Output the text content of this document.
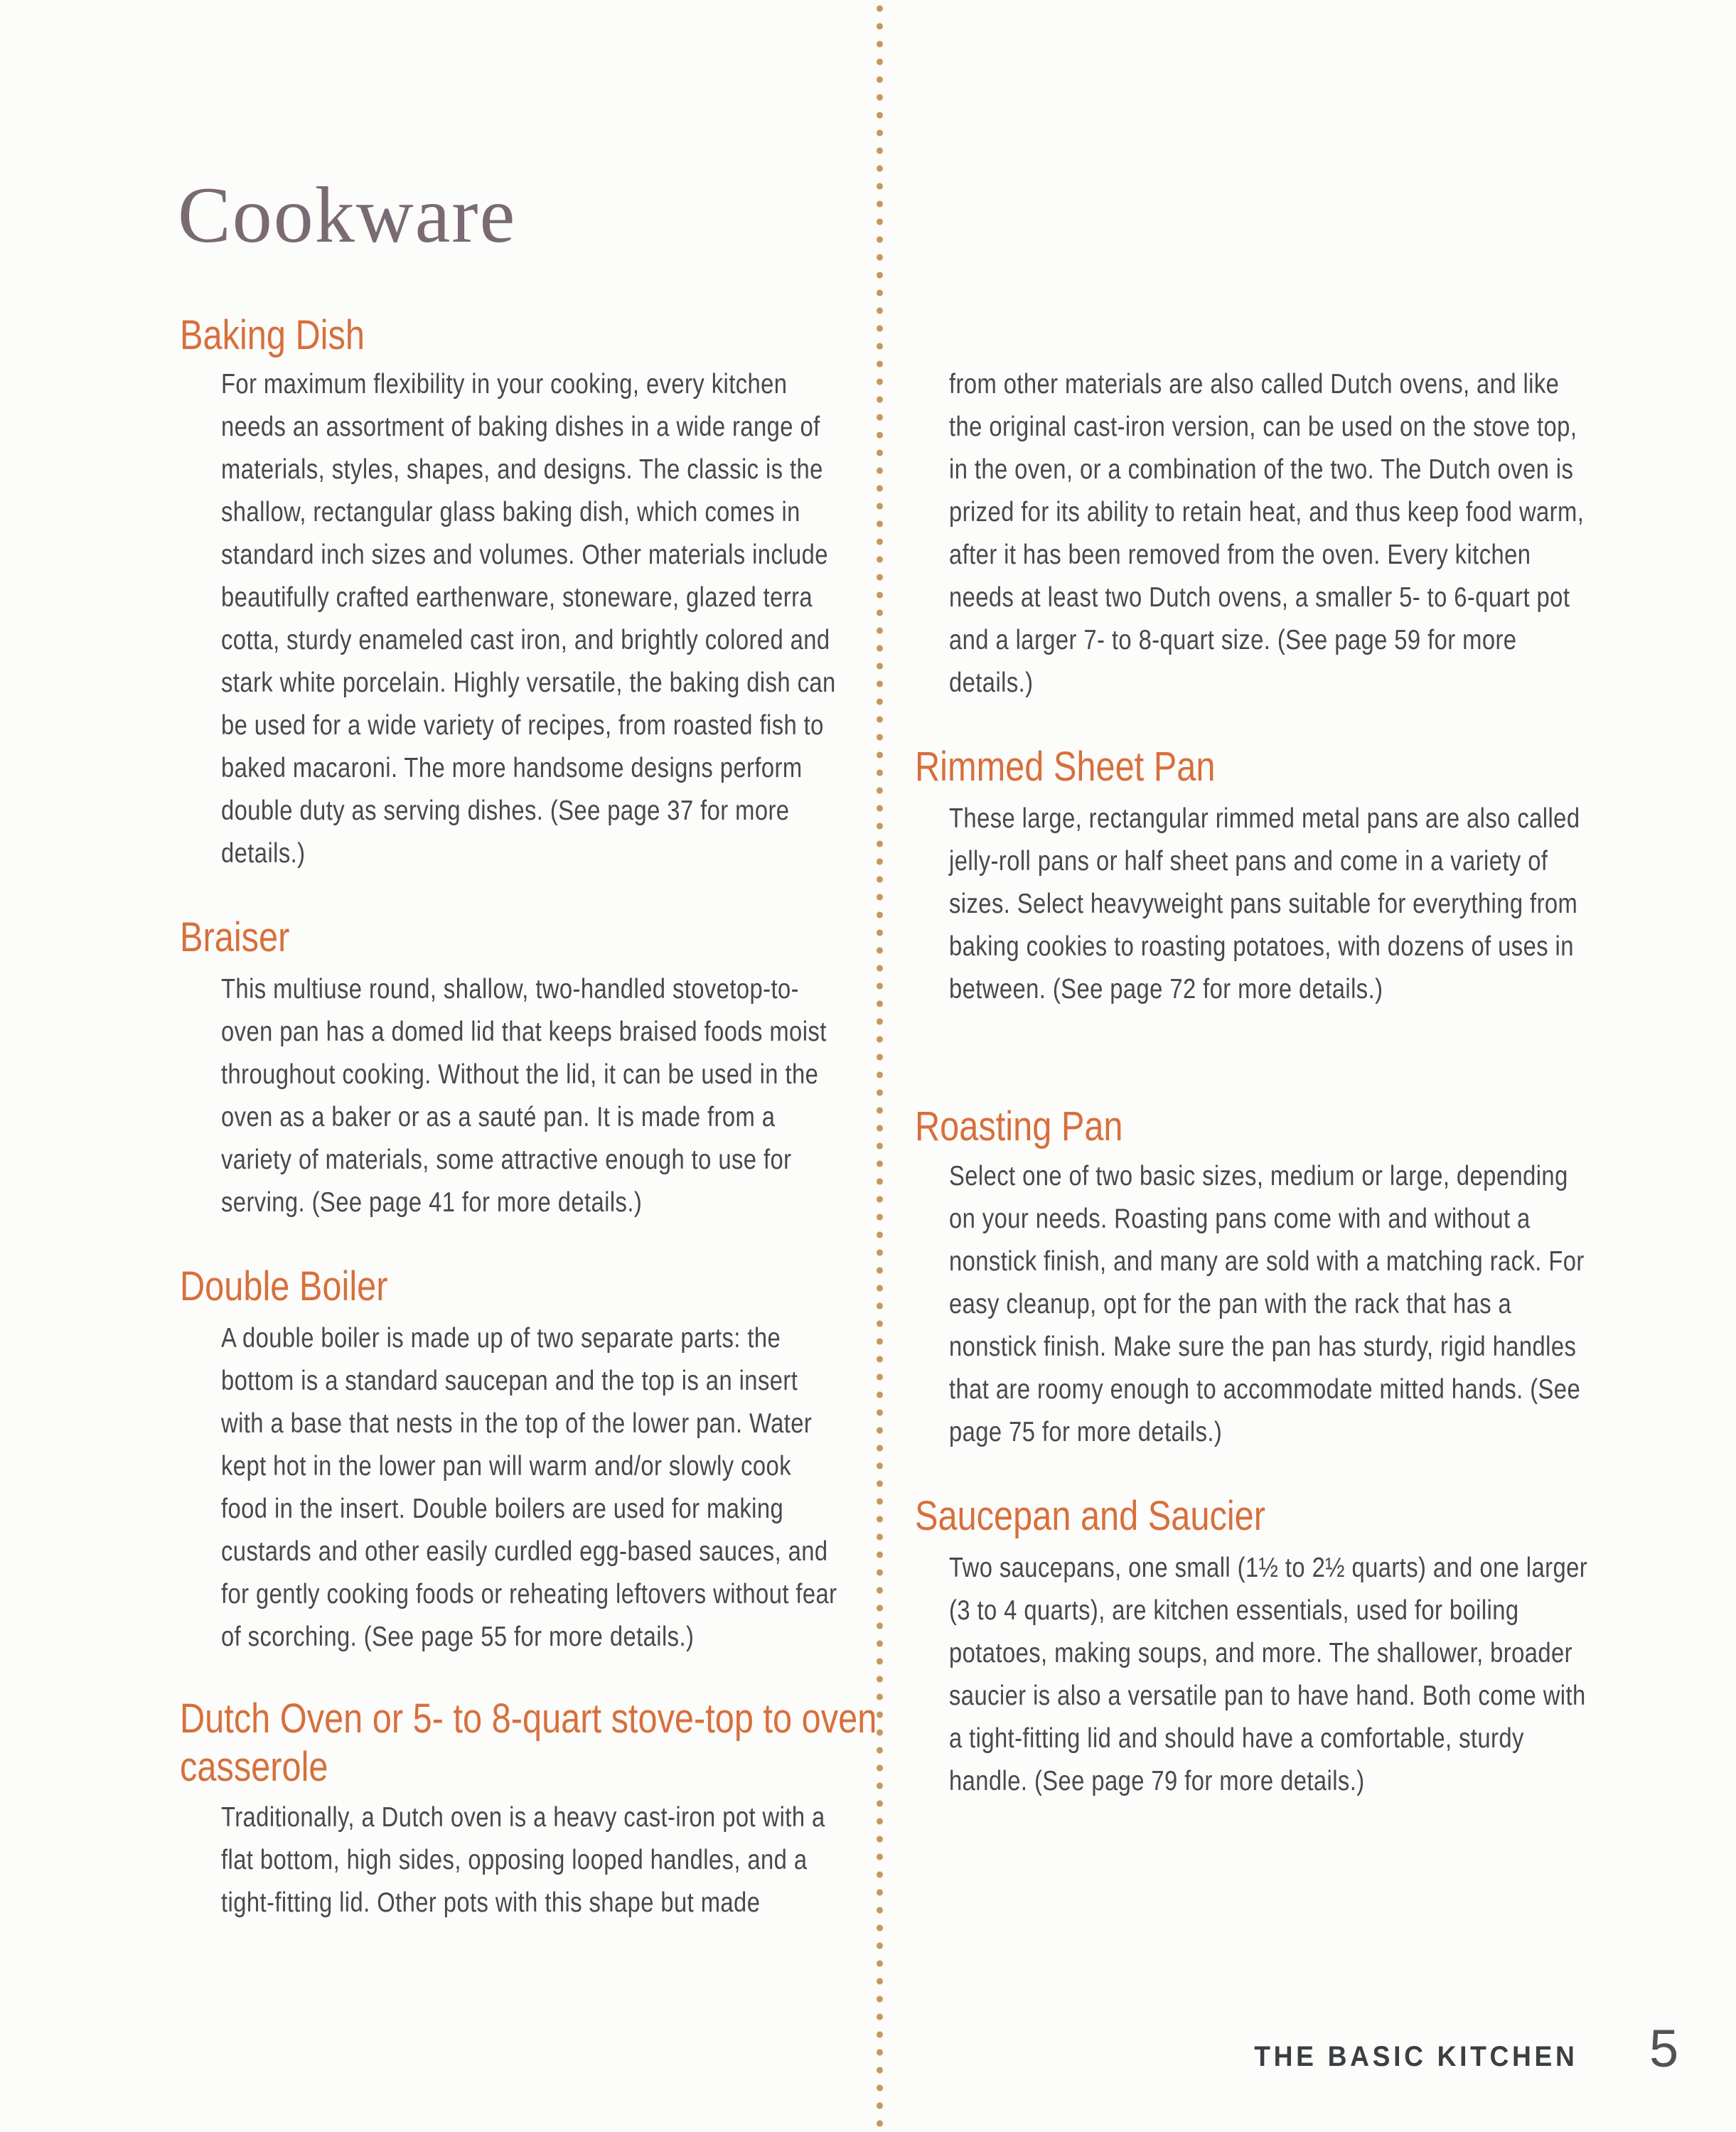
Cookware
Baking Dish

For maximum flexibility in your cooking, every kitchen needs an assortment of baking dishes in a wide range of materials, styles, shapes, and designs. The classic is the shallow, rectangular glass baking dish, which comes in standard inch sizes and volumes. Other materials include beautifully crafted earthenware, stoneware, glazed terra cotta, sturdy enameled cast iron, and brightly colored and stark white porcelain. Highly versatile, the baking dish can be used for a wide variety of recipes, from roasted fish to baked macaroni. The more handsome designs perform double duty as serving dishes. (See page 37 for more details.)

Braiser

This multiuse round, shallow, two-handled stovetop-to-oven pan has a domed lid that keeps braised foods moist throughout cooking. Without the lid, it can be used in the oven as a baker or as a sauté pan. It is made from a variety of materials, some attractive enough to use for serving. (See page 41 for more details.)

Double Boiler

A double boiler is made up of two separate parts: the bottom is a standard saucepan and the top is an insert with a base that nests in the top of the lower pan. Water kept hot in the lower pan will warm and/or slowly cook food in the insert. Double boilers are used for making custards and other easily curdled egg-based sauces, and for gently cooking foods or reheating leftovers without fear of scorching. (See page 55 for more details.)

Dutch Oven or 5- to 8-quart stove-top to oven casserole

Traditionally, a Dutch oven is a heavy cast-iron pot with a flat bottom, high sides, opposing looped handles, and a tight-fitting lid. Other pots with this shape but made

from other materials are also called Dutch ovens, and like the original cast-iron version, can be used on the stove top, in the oven, or a combination of the two. The Dutch oven is prized for its ability to retain heat, and thus keep food warm, after it has been removed from the oven. Every kitchen needs at least two Dutch ovens, a smaller 5- to 6-quart pot and a larger 7- to 8-quart size. (See page 59 for more details.)

Rimmed Sheet Pan

These large, rectangular rimmed metal pans are also called jelly-roll pans or half sheet pans and come in a variety of sizes. Select heavyweight pans suitable for everything from baking cookies to roasting potatoes, with dozens of uses in between. (See page 72 for more details.)

Roasting Pan

Select one of two basic sizes, medium or large, depending on your needs. Roasting pans come with and without a nonstick finish, and many are sold with a matching rack. For easy cleanup, opt for the pan with the rack that has a nonstick finish. Make sure the pan has sturdy, rigid handles that are roomy enough to accommodate mitted hands. (See page 75 for more details.)

Saucepan and Saucier

Two saucepans, one small (1½ to 2½ quarts) and one larger (3 to 4 quarts), are kitchen essentials, used for boiling potatoes, making soups, and more. The shallower, broader saucier is also a versatile pan to have hand. Both come with a tight-fitting lid and should have a comfortable, sturdy handle. (See page 79 for more details.)

THE BASIC KITCHEN 5
